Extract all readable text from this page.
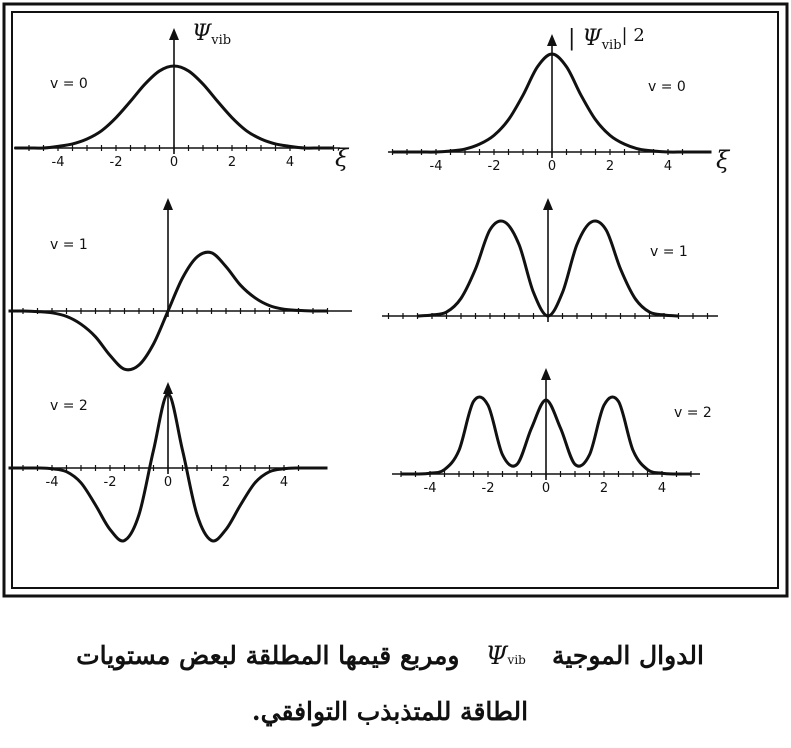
-4	-2	0	2	4
v = 0
-4	-2	0	2	4
v = 0
v = 1	v = 1
-4	-2	0	2	4
v = 2
-4	-2	0	2	4
v = 2
Ψvib	| Ψvib$^{| 2}$
ξ	ξ
الدوال الموجية   Ψvib   ومربع قيمها المطلقة لبعض مستويات
الطاقة للمتذبذب التوافقي.
